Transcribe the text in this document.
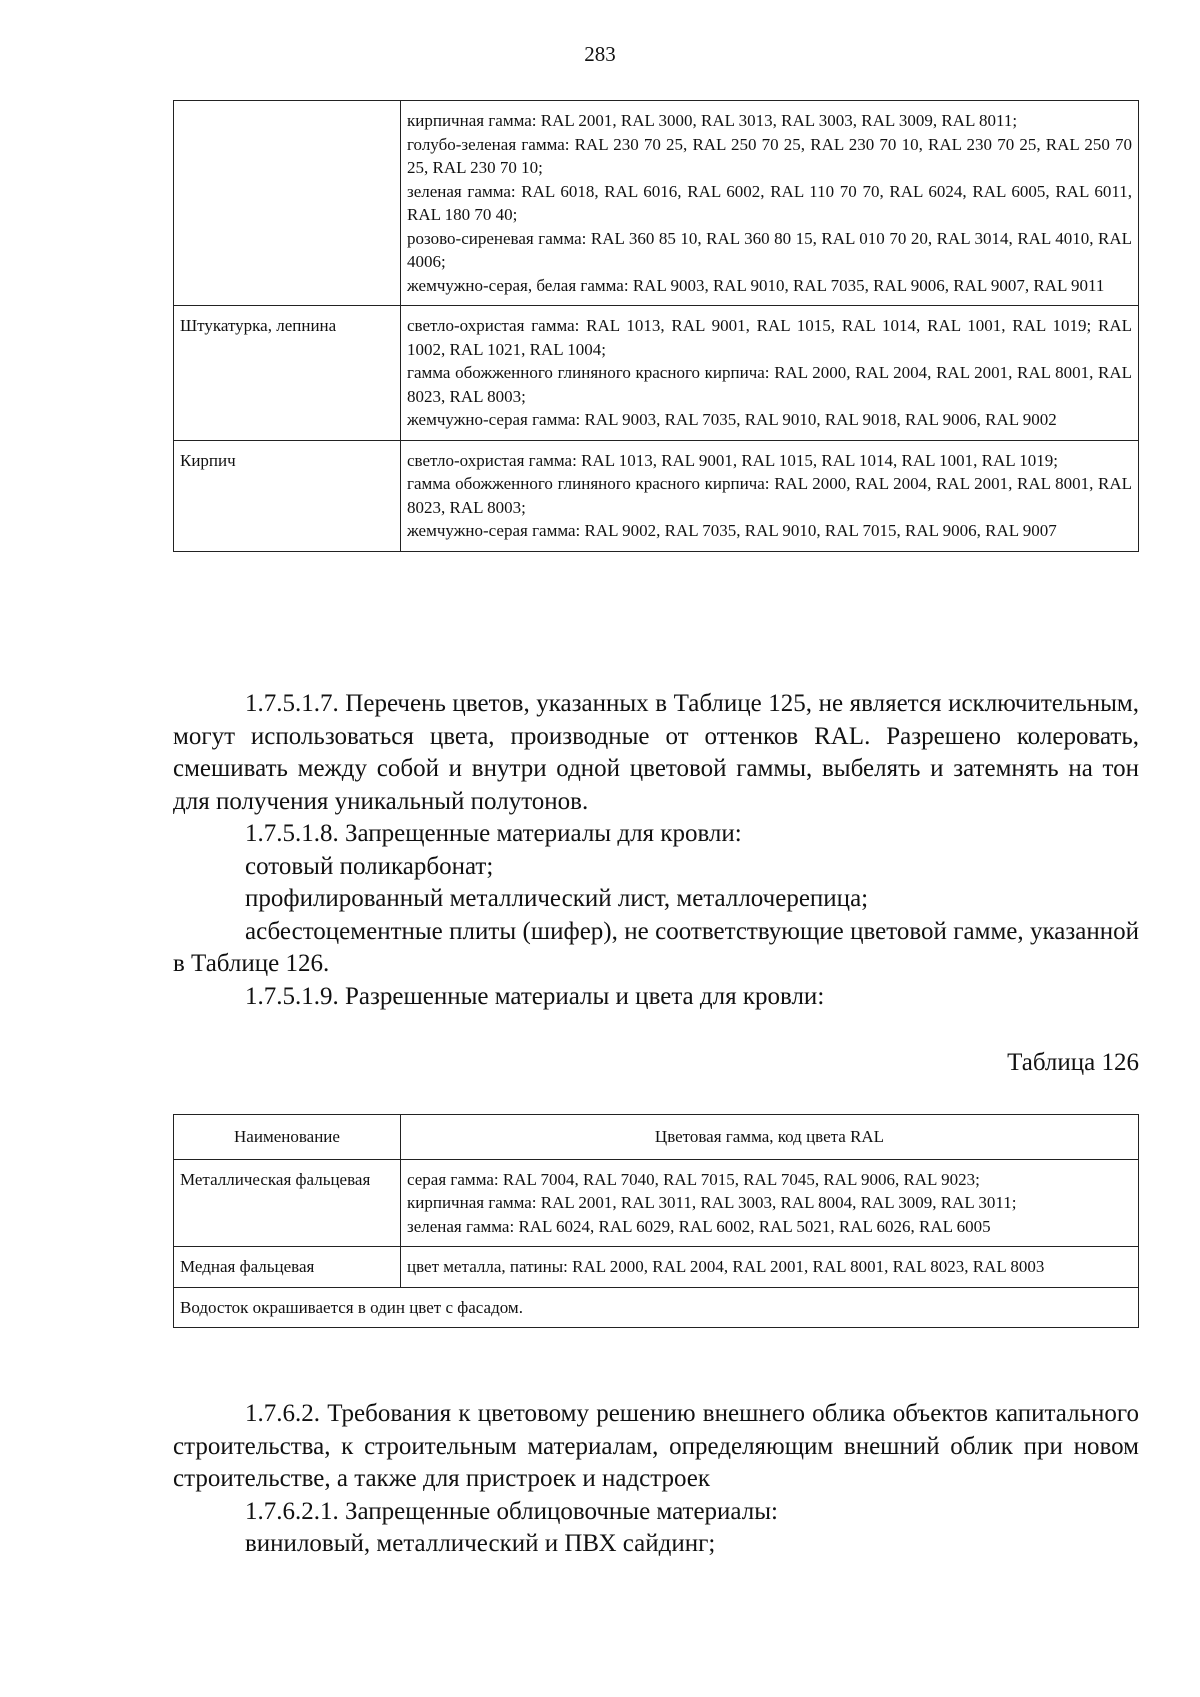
283

	кирпичная гамма: RAL 2001, RAL 3000, RAL 3013, RAL 3003, RAL 3009, RAL 8011;
голубо-зеленая гамма: RAL 230 70 25, RAL 250 70 25, RAL 230 70 10, RAL 230 70 25, RAL 250 70 25, RAL 230 70 10;
зеленая гамма: RAL 6018, RAL 6016, RAL 6002, RAL 110 70 70, RAL 6024, RAL 6005, RAL 6011, RAL 180 70 40;
розово-сиреневая гамма: RAL 360 85 10, RAL 360 80 15, RAL 010 70 20, RAL 3014, RAL 4010, RAL 4006;
жемчужно-серая, белая гамма: RAL 9003, RAL 9010, RAL 7035, RAL 9006, RAL 9007, RAL 9011

Штукатурка, лепнина	светло-охристая гамма: RAL 1013, RAL 9001, RAL 1015, RAL 1014, RAL 1001, RAL 1019; RAL 1002, RAL 1021, RAL 1004;
гамма обожженного глиняного красного кирпича: RAL 2000, RAL 2004, RAL 2001, RAL 8001, RAL 8023, RAL 8003;
жемчужно-серая гамма: RAL 9003, RAL 7035, RAL 9010, RAL 9018, RAL 9006, RAL 9002

Кирпич	светло-охристая гамма: RAL 1013, RAL 9001, RAL 1015, RAL 1014, RAL 1001, RAL 1019;
гамма обожженного глиняного красного кирпича: RAL 2000, RAL 2004, RAL 2001, RAL 8001, RAL 8023, RAL 8003;
жемчужно-серая гамма: RAL 9002, RAL 7035, RAL 9010, RAL 7015, RAL 9006, RAL 9007

1.7.5.1.7. Перечень цветов, указанных в Таблице 125, не является исключительным, могут использоваться цвета, производные от оттенков RAL. Разрешено колеровать, смешивать между собой и внутри одной цветовой гаммы, выбелять и затемнять на тон для получения уникальный полутонов.

1.7.5.1.8. Запрещенные материалы для кровли:

сотовый поликарбонат;

профилированный металлический лист, металлочерепица;

асбестоцементные плиты (шифер), не соответствующие цветовой гамме, указанной в Таблице 126.

1.7.5.1.9. Разрешенные материалы и цвета для кровли:

Таблица 126
Наименование	Цветовая гамма, код цвета RAL
Металлическая фальцевая	серая гамма: RAL 7004, RAL 7040, RAL 7015, RAL 7045, RAL 9006, RAL 9023;
кирпичная гамма: RAL 2001, RAL 3011, RAL 3003, RAL 8004, RAL 3009, RAL 3011;
зеленая гамма: RAL 6024, RAL 6029, RAL 6002, RAL 5021, RAL 6026, RAL 6005

Медная фальцевая	цвет металла, патины: RAL 2000, RAL 2004, RAL 2001, RAL 8001, RAL 8023, RAL 8003

Водосток окрашивается в один цвет с фасадом.	

1.7.6.2. Требования к цветовому решению внешнего облика объектов капитального строительства, к строительным материалам, определяющим внешний облик при новом строительстве, а также для пристроек и надстроек

1.7.6.2.1. Запрещенные облицовочные материалы:

виниловый, металлический и ПВХ сайдинг;
